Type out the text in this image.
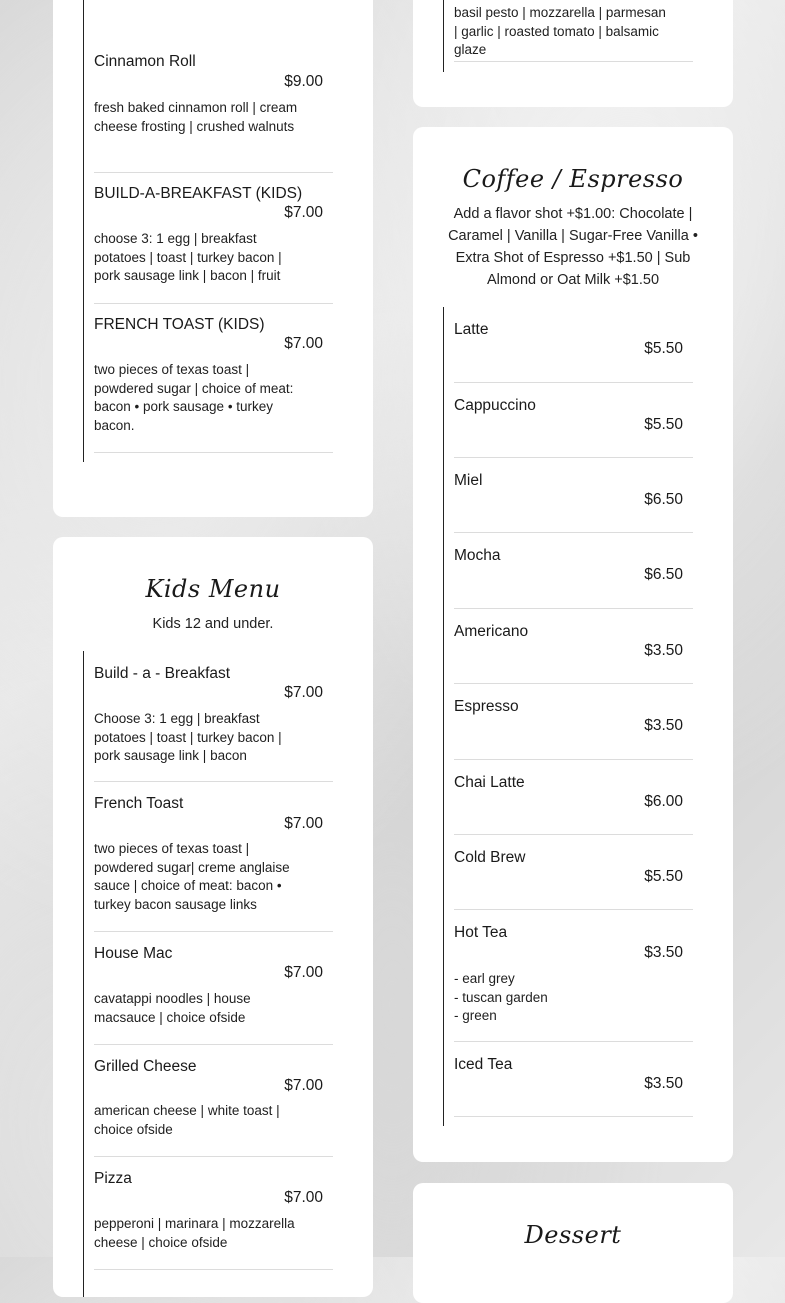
Cinnamon Roll
$9.00
fresh baked cinnamon roll | cream cheese frosting | crushed walnuts
BUILD-A-BREAKFAST (KIDS)
$7.00
choose 3: 1 egg | breakfast potatoes | toast | turkey bacon | pork sausage link | bacon | fruit
FRENCH TOAST (KIDS)
$7.00
two pieces of texas toast | powdered sugar | choice of meat: bacon • pork sausage • turkey bacon.
basil pesto | mozzarella | parmesan | garlic | roasted tomato | balsamic glaze
Kids Menu
Kids 12 and under.
Build - a - Breakfast
$7.00
Choose 3: 1 egg | breakfast potatoes | toast | turkey bacon | pork sausage link | bacon
French Toast
$7.00
two pieces of texas toast | powdered sugar| creme anglaise sauce | choice of meat: bacon • turkey bacon sausage links
House Mac
$7.00
cavatappi noodles | house macsauce | choice ofside
Grilled Cheese
$7.00
american cheese | white toast | choice ofside
Pizza
$7.00
pepperoni | marinara | mozzarella cheese | choice ofside
Coffee / Espresso
Add a flavor shot +$1.00: Chocolate | Caramel | Vanilla | Sugar-Free Vanilla • Extra Shot of Espresso +$1.50 | Sub Almond or Oat Milk +$1.50
Latte
$5.50
Cappuccino
$5.50
Miel
$6.50
Mocha
$6.50
Americano
$3.50
Espresso
$3.50
Chai Latte
$6.00
Cold Brew
$5.50
Hot Tea
$3.50
- earl grey
- tuscan garden
- green
Iced Tea
$3.50
Dessert
